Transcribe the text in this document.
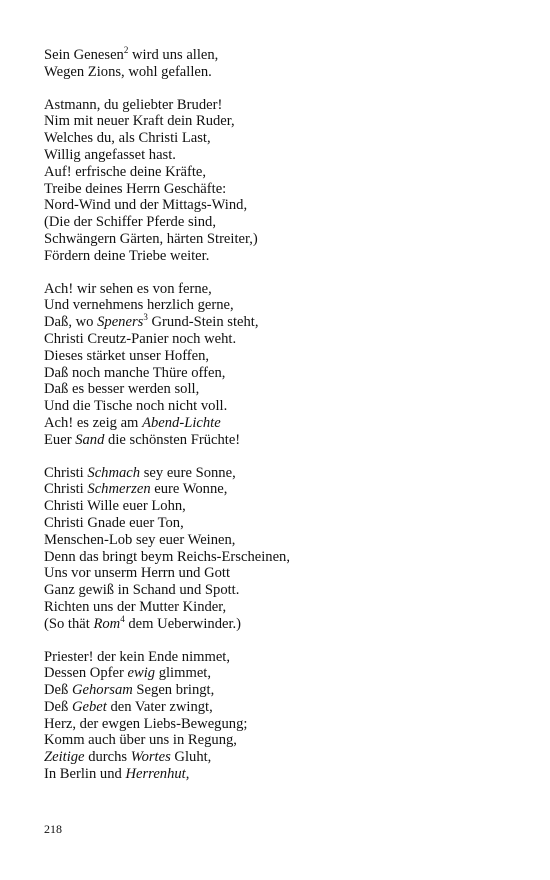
Sein Genesen$^2$ wird uns allen,
Wegen Zions, wohl gefallen.
Astmann, du geliebter Bruder!
Nim mit neuer Kraft dein Ruder,
Welches du, als Christi Last,
Willig angefasset hast.
Auf! erfrische deine Kräfte,
Treibe deines Herrn Geschäfte:
Nord-Wind und der Mittags-Wind,
(Die der Schiffer Pferde sind,
Schwängern Gärten, härten Streiter,)
Fördern deine Triebe weiter.
Ach! wir sehen es von ferne,
Und vernehmens herzlich gerne,
Daß, wo Speners$^3$ Grund-Stein steht,
Christi Creutz-Panier noch weht.
Dieses stärket unser Hoffen,
Daß noch manche Thüre offen,
Daß es besser werden soll,
Und die Tische noch nicht voll.
Ach! es zeig am Abend-Lichte
Euer Sand die schönsten Früchte!
Christi Schmach sey eure Sonne,
Christi Schmerzen eure Wonne,
Christi Wille euer Lohn,
Christi Gnade euer Ton,
Menschen-Lob sey euer Weinen,
Denn das bringt beym Reichs-Erscheinen,
Uns vor unserm Herrn und Gott
Ganz gewiß in Schand und Spott.
Richten uns der Mutter Kinder,
(So thät Rom$^4$ dem Ueberwinder.)
Priester! der kein Ende nimmet,
Dessen Opfer ewig glimmet,
Deß Gehorsam Segen bringt,
Deß Gebet den Vater zwingt,
Herz, der ewgen Liebs-Bewegung;
Komm auch über uns in Regung,
Zeitige durchs Wortes Gluht,
In Berlin und Herrenhut,
218
